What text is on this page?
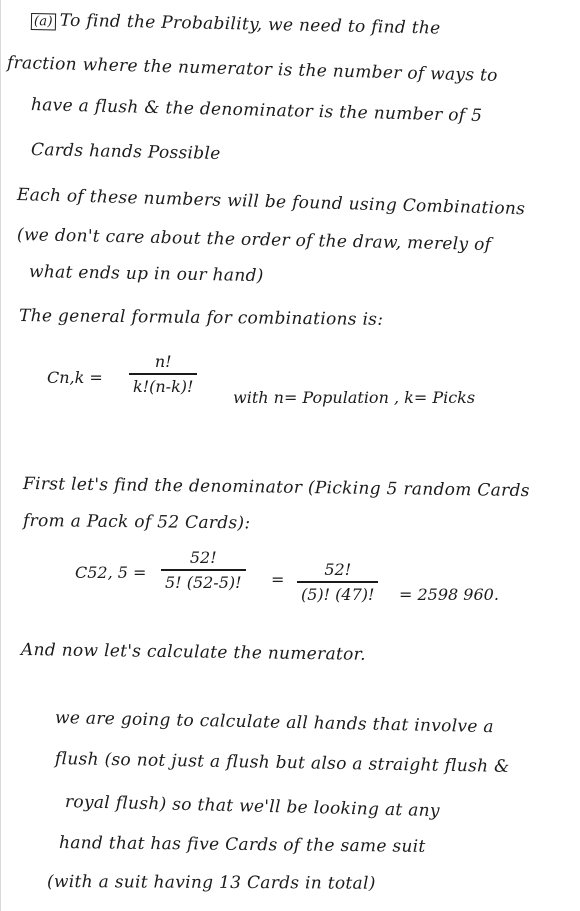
(a) To find the Probability, we need to find the
fraction where the numerator is the number of ways to
have a flush & the denominator is the number of 5
Cards hands Possible
Each of these numbers will be found using Combinations
(we don't care about the order of the draw, merely of
what ends up in our hand)
The general formula for combinations is:
Cn,k =
n!
k!(n-k)!
with n= Population , k= Picks
First let's find the denominator (Picking 5 random Cards
from a Pack of 52 Cards):
C52, 5 =
52!
5! (52-5)! =
52!
(5)! (47)! = 2598 960.
And now let's calculate the numerator.
we are going to calculate all hands that involve a
flush (so not just a flush but also a straight flush &
royal flush) so that we'll be looking at any
hand that has five Cards of the same suit
(with a suit having 13 Cards in total)
